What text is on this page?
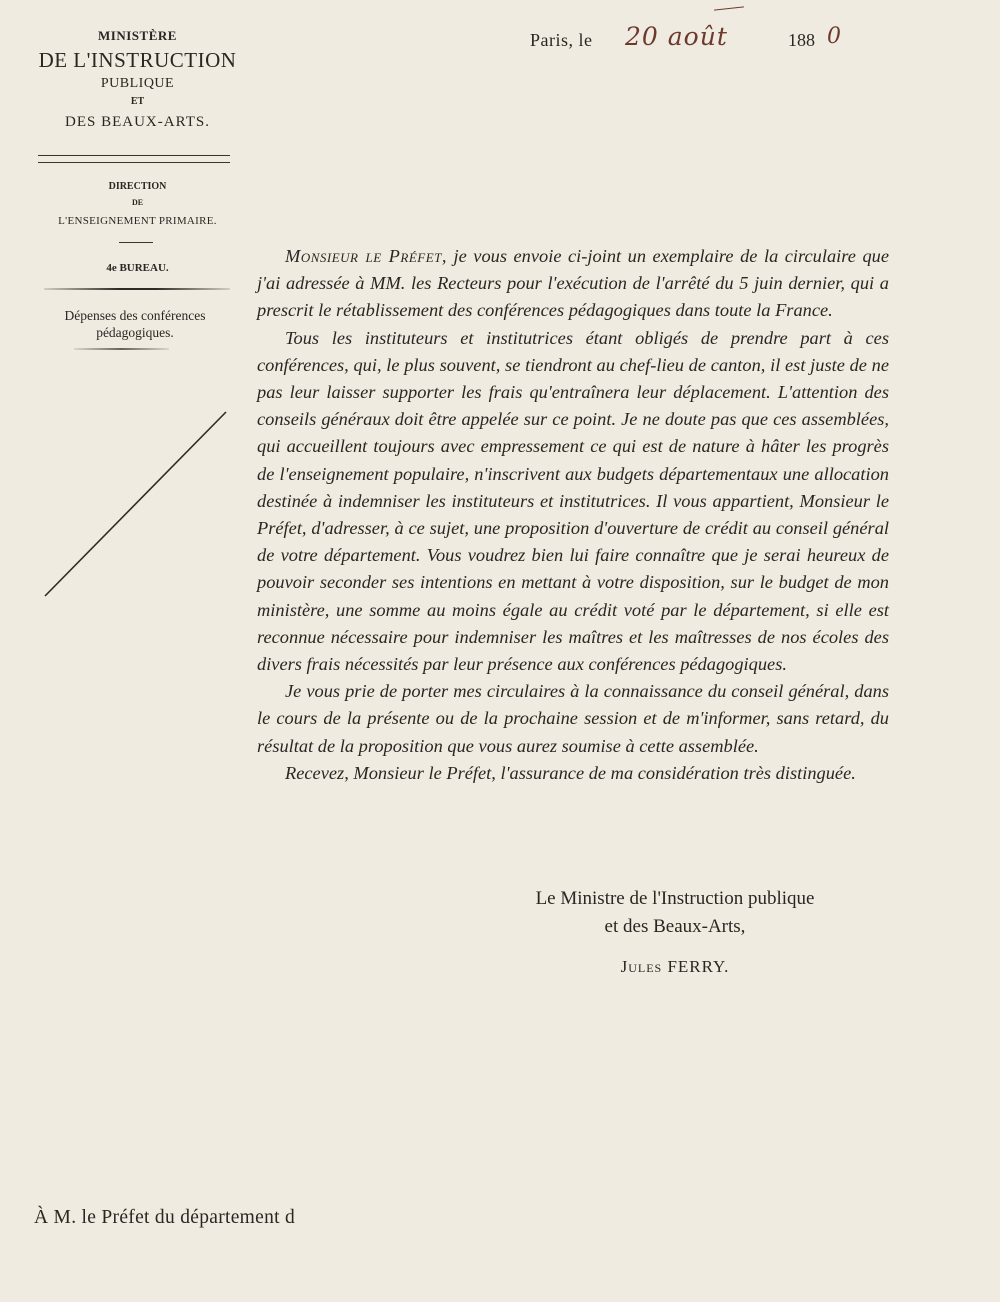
MINISTÈRE
DE L'INSTRUCTION
PUBLIQUE
ET
DES BEAUX-ARTS.
DIRECTION
DE
L'ENSEIGNEMENT PRIMAIRE.
4e BUREAU.
Dépenses des conférences
pédagogiques.
Paris, le 20 août	188 0

Monsieur le Préfet, je vous envoie ci-joint un exemplaire de la circulaire que j'ai adressée à MM. les Recteurs pour l'exécution de l'arrêté du 5 juin dernier, qui a prescrit le rétablissement des conférences pédagogiques dans toute la France.

Tous les instituteurs et institutrices étant obligés de prendre part à ces conférences, qui, le plus souvent, se tiendront au chef-lieu de canton, il est juste de ne pas leur laisser supporter les frais qu'entraînera leur déplacement. L'attention des conseils généraux doit être appelée sur ce point. Je ne doute pas que ces assemblées, qui accueillent toujours avec empressement ce qui est de nature à hâter les progrès de l'enseignement populaire, n'inscrivent aux budgets départementaux une allocation destinée à indemniser les instituteurs et institutrices. Il vous appartient, Monsieur le Préfet, d'adresser, à ce sujet, une proposition d'ouverture de crédit au conseil général de votre département. Vous voudrez bien lui faire connaître que je serai heureux de pouvoir seconder ses intentions en mettant à votre disposition, sur le budget de mon ministère, une somme au moins égale au crédit voté par le département, si elle est reconnue nécessaire pour indemniser les maîtres et les maîtresses de nos écoles des divers frais nécessités par leur présence aux conférences pédagogiques.

Je vous prie de porter mes circulaires à la connaissance du conseil général, dans le cours de la présente ou de la prochaine session et de m'informer, sans retard, du résultat de la proposition que vous aurez soumise à cette assemblée.

Recevez, Monsieur le Préfet, l'assurance de ma considération très distinguée.

Le Ministre de l'Instruction publique
et des Beaux-Arts,
Jules FERRY.
À M. le Préfet du département d
